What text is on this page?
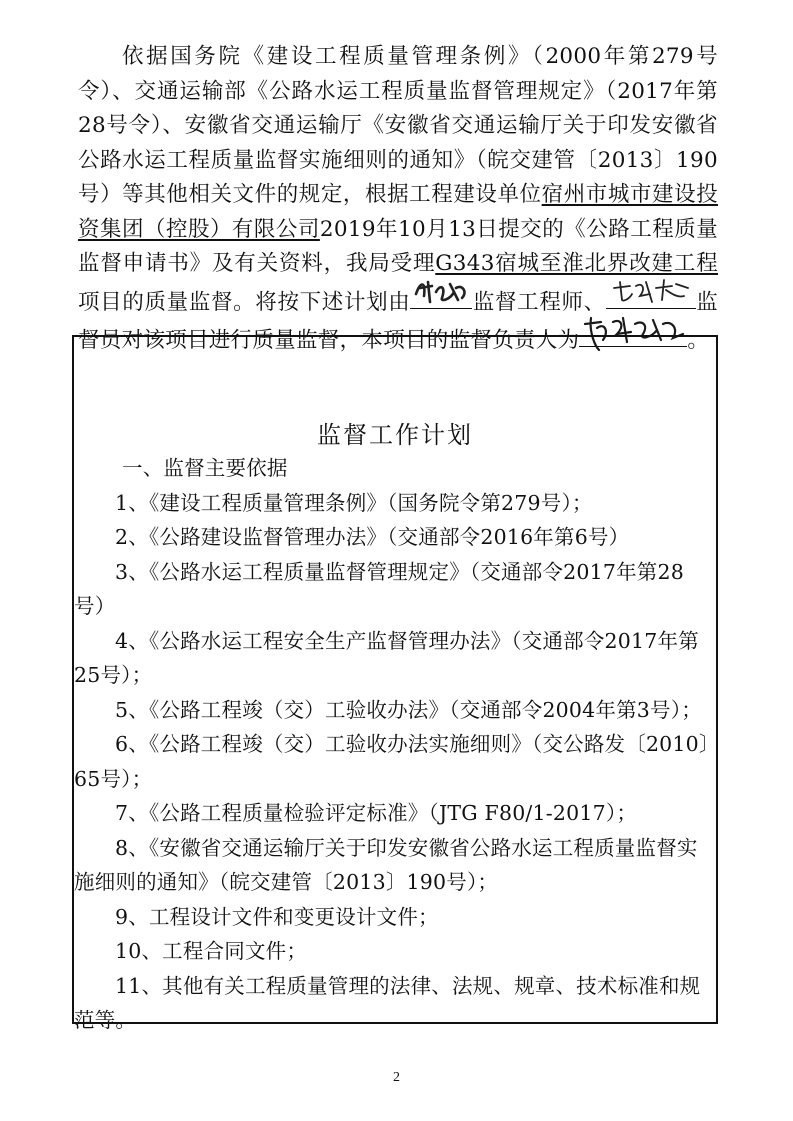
依据国务院《建设工程质量管理条例》（2000年第279号令）、交通运输部《公路水运工程质量监督管理规定》（2017年第28号令）、安徽省交通运输厅《安徽省交通运输厅关于印发安徽省公路水运工程质量监督实施细则的通知》（皖交建管〔2013〕190号）等其他相关文件的规定，根据工程建设单位宿州市城市建设投资集团（控股）有限公司2019年10月13日提交的《公路工程质量监督申请书》及有关资料，我局受理G343宿城至淮北界改建工程项目的质量监督。将按下述计划由	监督工程师、	监督员对该项目进行质量监督，本项目的监督负责人为	。
监督工作计划

一、监督主要依据

1、《建设工程质量管理条例》（国务院令第279号）；

2、《公路建设监督管理办法》（交通部令2016年第6号）

3、《公路水运工程质量监督管理规定》（交通部令2017年第28号）

4、《公路水运工程安全生产监督管理办法》（交通部令2017年第25号）；

5、《公路工程竣（交）工验收办法》（交通部令2004年第3号）；

6、《公路工程竣（交）工验收办法实施细则》（交公路发〔2010〕65号）；

7、《公路工程质量检验评定标准》（JTG F80/1-2017）；

8、《安徽省交通运输厅关于印发安徽省公路水运工程质量监督实施细则的通知》（皖交建管〔2013〕190号）；

9、工程设计文件和变更设计文件；

10、工程合同文件；

11、其他有关工程质量管理的法律、法规、规章、技术标准和规范等。

2
